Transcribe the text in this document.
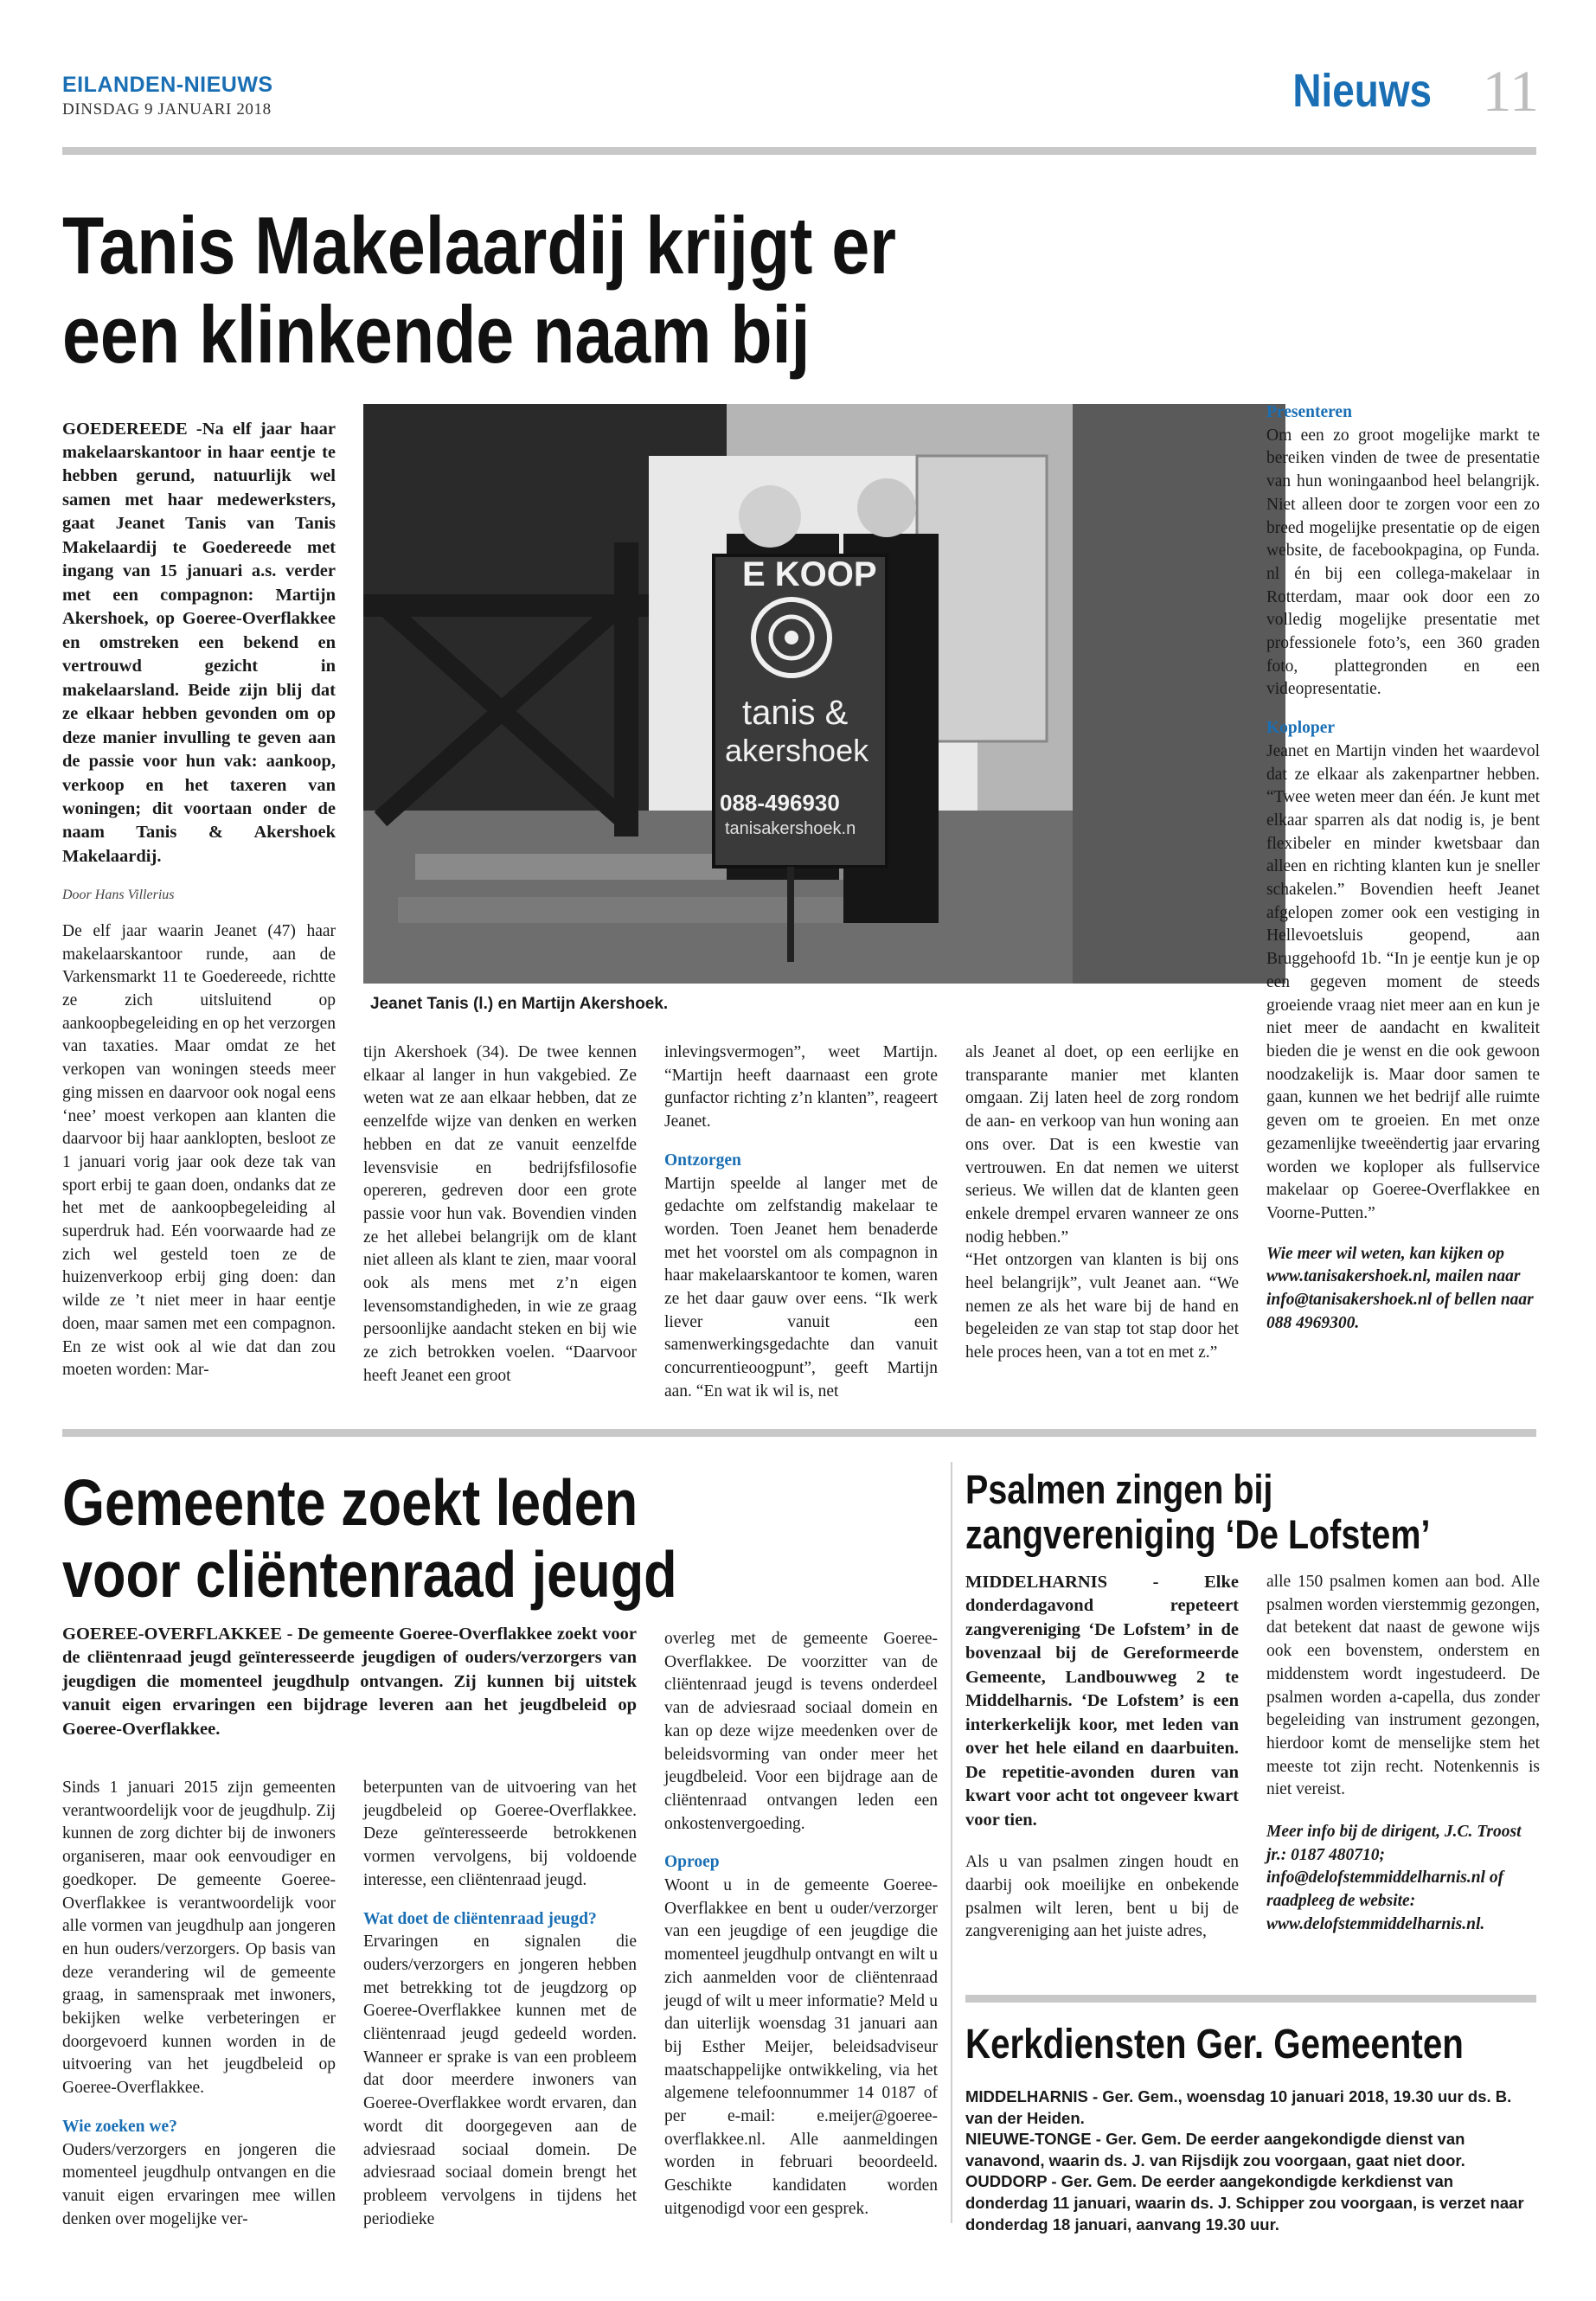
EILANDEN-NIEUWS
DINSDAG 9 JANUARI 2018	Nieuws 11
Tanis Makelaardij krijgt er
een klinkende naam bij

GOEDEREEDE -Na elf jaar haar makelaarskantoor in haar eentje te hebben gerund, natuurlijk wel samen met haar medewerksters, gaat Jeanet Tanis van Tanis Makelaardij te Goedereede met ingang van 15 januari a.s. verder met een compagnon: Martijn Akershoek, op Goeree-Overflakkee en omstreken een bekend en vertrouwd gezicht in makelaarsland. Beide zijn blij dat ze elkaar hebben gevonden om op deze manier invulling te geven aan de passie voor hun vak: aankoop, verkoop en het taxeren van woningen; dit voortaan onder de naam Tanis & Akershoek Makelaardij.

Door Hans Villerius

De elf jaar waarin Jeanet (47) haar makelaarskantoor runde, aan de Varkensmarkt 11 te Goedereede, richtte ze zich uitsluitend op aankoopbegeleiding en op het verzorgen van taxaties. Maar omdat ze het verkopen van woningen steeds meer ging missen en daarvoor ook nogal eens ‘nee’ moest verkopen aan klanten die daarvoor bij haar aanklopten, besloot ze 1 januari vorig jaar ook deze tak van sport erbij te gaan doen, ondanks dat ze het met de aankoopbegeleiding al superdruk had. Eén voorwaarde had ze zich wel gesteld toen ze de huizenverkoop erbij ging doen: dan wilde ze ’t niet meer in haar eentje doen, maar samen met een compagnon. En ze wist ook al wie dat dan zou moeten worden: Mar-

E KOOP
tanis &
akershoek
088-496930
tanisakershoek.n
Jeanet Tanis (l.) en Martijn Akershoek.

tijn Akershoek (34). De twee kennen elkaar al langer in hun vakgebied. Ze weten wat ze aan elkaar hebben, dat ze eenzelfde wijze van denken en werken hebben en dat ze vanuit eenzelfde levensvisie en bedrijfsfilosofie opereren, gedreven door een grote passie voor hun vak. Bovendien vinden ze het allebei belangrijk om de klant niet alleen als klant te zien, maar vooral ook als mens met z’n eigen levensomstandigheden, in wie ze graag persoonlijke aandacht steken en bij wie ze zich betrokken voelen. “Daarvoor heeft Jeanet een groot

inlevingsvermogen”, weet Martijn. “Martijn heeft daarnaast een grote gunfactor richting z’n klanten”, reageert Jeanet.

Ontzorgen

Martijn speelde al langer met de gedachte om zelfstandig makelaar te worden. Toen Jeanet hem benaderde met het voorstel om als compagnon in haar makelaarskantoor te komen, waren ze het daar gauw over eens. “Ik werk liever vanuit een samenwerkingsgedachte dan vanuit concurrentieoogpunt”, geeft Martijn aan. “En wat ik wil is, net

als Jeanet al doet, op een eerlijke en transparante manier met klanten omgaan. Zij laten heel de zorg rondom de aan- en verkoop van hun woning aan ons over. Dat is een kwestie van vertrouwen. En dat nemen we uiterst serieus. We willen dat de klanten geen enkele drempel ervaren wanneer ze ons nodig hebben.”

“Het ontzorgen van klanten is bij ons heel belangrijk”, vult Jeanet aan. “We nemen ze als het ware bij de hand en begeleiden ze van stap tot stap door het hele proces heen, van a tot en met z.”

Presenteren

Om een zo groot mogelijke markt te bereiken vinden de twee de presentatie van hun woningaanbod heel belangrijk. Niet alleen door te zorgen voor een zo breed mogelijke presentatie op de eigen website, de facebookpagina, op Funda. nl én bij een collega-makelaar in Rotterdam, maar ook door een zo volledig mogelijke presentatie met professionele foto’s, een 360 graden foto, plattegronden en een videopresentatie.

Koploper

Jeanet en Martijn vinden het waardevol dat ze elkaar als zakenpartner hebben. “Twee weten meer dan één. Je kunt met elkaar sparren als dat nodig is, je bent flexibeler en minder kwetsbaar dan alleen en richting klanten kun je sneller schakelen.” Bovendien heeft Jeanet afgelopen zomer ook een vestiging in Hellevoetsluis geopend, aan Bruggehoofd 1b. “In je eentje kun je op een gegeven moment de steeds groeiende vraag niet meer aan en kun je niet meer de aandacht en kwaliteit bieden die je wenst en die ook gewoon noodzakelijk is. Maar door samen te gaan, kunnen we het bedrijf alle ruimte geven om te groeien. En met onze gezamenlijke tweeëndertig jaar ervaring worden we koploper als fullservice makelaar op Goeree-Overflakkee en Voorne-Putten.”

Wie meer wil weten, kan kijken op www.tanisakershoek.nl, mailen naar info@tanisakershoek.nl of bellen naar 088 4969300.

Gemeente zoekt leden
voor cliëntenraad jeugd
GOEREE-OVERFLAKKEE - De gemeente Goeree-Overflakkee zoekt voor de cliëntenraad jeugd geïnteresseerde jeugdigen of ouders/verzorgers van jeugdigen die momenteel jeugdhulp ontvangen. Zij kunnen bij uitstek vanuit eigen ervaringen een bijdrage leveren aan het jeugdbeleid op Goeree-Overflakkee.

Sinds 1 januari 2015 zijn gemeenten verantwoordelijk voor de jeugdhulp. Zij kunnen de zorg dichter bij de inwoners organiseren, maar ook eenvoudiger en goedkoper. De gemeente Goeree-Overflakkee is verantwoordelijk voor alle vormen van jeugdhulp aan jongeren en hun ouders/verzorgers. Op basis van deze verandering wil de gemeente graag, in samenspraak met inwoners, bekijken welke verbeteringen er doorgevoerd kunnen worden in de uitvoering van het jeugdbeleid op Goeree-Overflakkee.

Wie zoeken we?

Ouders/verzorgers en jongeren die momenteel jeugdhulp ontvangen en die vanuit eigen ervaringen mee willen denken over mogelijke ver-

beterpunten van de uitvoering van het jeugdbeleid op Goeree-Overflakkee. Deze geïnteresseerde betrokkenen vormen vervolgens, bij voldoende interesse, een cliëntenraad jeugd.

Wat doet de cliëntenraad jeugd?

Ervaringen en signalen die ouders/verzorgers en jongeren hebben met betrekking tot de jeugdzorg op Goeree-Overflakkee kunnen met de cliëntenraad jeugd gedeeld worden. Wanneer er sprake is van een probleem dat door meerdere inwoners van Goeree-Overflakkee wordt ervaren, dan wordt dit doorgegeven aan de adviesraad sociaal domein. De adviesraad sociaal domein brengt het probleem vervolgens in tijdens het periodieke

overleg met de gemeente Goeree-Overflakkee. De voorzitter van de cliëntenraad jeugd is tevens onderdeel van de adviesraad sociaal domein en kan op deze wijze meedenken over de beleidsvorming van onder meer het jeugdbeleid. Voor een bijdrage aan de cliëntenraad ontvangen leden een onkostenvergoeding.

Oproep

Woont u in de gemeente Goeree-Overflakkee en bent u ouder/verzorger van een jeugdige of een jeugdige die momenteel jeugdhulp ontvangt en wilt u zich aanmelden voor de cliëntenraad jeugd of wilt u meer informatie? Meld u dan uiterlijk woensdag 31 januari aan bij Esther Meijer, beleidsadviseur maatschappelijke ontwikkeling, via het algemene telefoonnummer 14 0187 of per e-mail: e.meijer@goeree-overflakkee.nl. Alle aanmeldingen worden in februari beoordeeld. Geschikte kandidaten worden uitgenodigd voor een gesprek.

Psalmen zingen bij
zangvereniging ‘De Lofstem’

MIDDELHARNIS - Elke donderdagavond repeteert zangvereniging ‘De Lofstem’ in de bovenzaal bij de Gereformeerde Gemeente, Landbouwweg 2 te Middelharnis. ‘De Lofstem’ is een interkerkelijk koor, met leden van over het hele eiland en daarbuiten. De repetitie-avonden duren van kwart voor acht tot ongeveer kwart voor tien.

Als u van psalmen zingen houdt en daarbij ook moeilijke en onbekende psalmen wilt leren, bent u bij de zangvereniging aan het juiste adres,

alle 150 psalmen komen aan bod. Alle psalmen worden vierstemmig gezongen, dat betekent dat naast de gewone wijs ook een bovenstem, onderstem en middenstem wordt ingestudeerd. De psalmen worden a-capella, dus zonder begeleiding van instrument gezongen, hierdoor komt de menselijke stem het meeste tot zijn recht. Notenkennis is niet vereist.

Meer info bij de dirigent, J.C. Troost jr.: 0187 480710; info@delofstemmiddelharnis.nl of raadpleeg de website: www.delofstemmiddelharnis.nl.

Kerkdiensten Ger. Gemeenten
MIDDELHARNIS - Ger. Gem., woensdag 10 januari 2018, 19.30 uur ds. B. van der Heiden.
NIEUWE-TONGE - Ger. Gem. De eerder aangekondigde dienst van vanavond, waarin ds. J. van Rijsdijk zou voorgaan, gaat niet door.
OUDDORP - Ger. Gem. De eerder aangekondigde kerkdienst van donderdag 11 januari, waarin ds. J. Schipper zou voorgaan, is verzet naar donderdag 18 januari, aanvang 19.30 uur.
